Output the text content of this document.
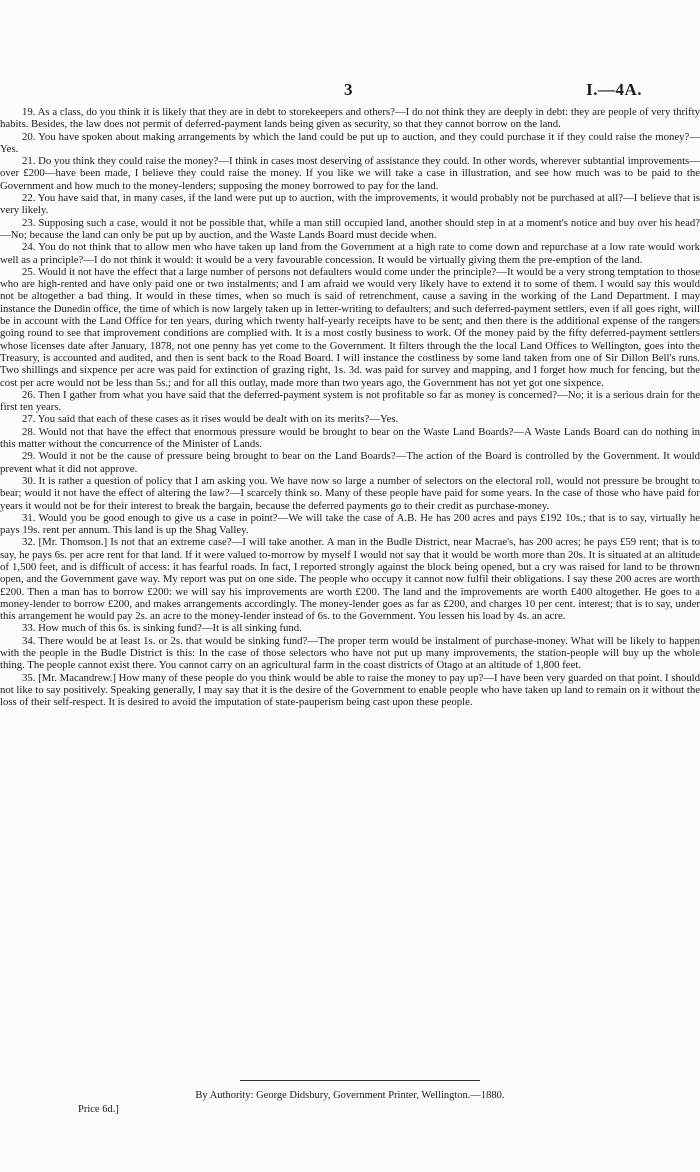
3	I.—4A.

19. As a class, do you think it is likely that they are in debt to storekeepers and others?—I do not think they are deeply in debt: they are people of very thrifty habits. Besides, the law does not permit of deferred-payment lands being given as security, so that they cannot borrow on the land.

20. You have spoken about making arrangements by which the land could be put up to auction, and they could purchase it if they could raise the money?—Yes.

21. Do you think they could raise the money?—I think in cases most deserving of assistance they could. In other words, wherever subtantial improvements—over £200—have been made, I believe they could raise the money. If you like we will take a case in illustration, and see how much was to be paid to the Government and how much to the money-lenders; supposing the money borrowed to pay for the land.

22. You have said that, in many cases, if the land were put up to auction, with the improvements, it would probably not be purchased at all?—I believe that is very likely.

23. Supposing such a case, would it not be possible that, while a man still occupied land, another should step in at a moment's notice and buy over his head?—No; because the land can only be put up by auction, and the Waste Lands Board must decide when.

24. You do not think that to allow men who have taken up land from the Government at a high rate to come down and repurchase at a low rate would work well as a principle?—I do not think it would: it would be a very favourable concession. It would be virtually giving them the pre-emption of the land.

25. Would it not have the effect that a large number of persons not defaulters would come under the principle?—It would be a very strong temptation to those who are high-rented and have only paid one or two instalments; and I am afraid we would very likely have to extend it to some of them. I would say this would not be altogether a bad thing. It would in these times, when so much is said of retrenchment, cause a saving in the working of the Land Department. I may instance the Dunedin office, the time of which is now largely taken up in letter-writing to defaulters; and such deferred-payment settlers, even if all goes right, will be in account with the Land Office for ten years, during which twenty half-yearly receipts have to be sent; and then there is the additional expense of the rangers going round to see that improvement conditions are complied with. It is a most costly business to work. Of the money paid by the fifty deferred-payment settlers whose licenses date after January, 1878, not one penny has yet come to the Government. It filters through the the local Land Offices to Wellington, goes into the Treasury, is accounted and audited, and then is sent back to the Road Board. I will instance the costliness by some land taken from one of Sir Dillon Bell's runs. Two shillings and sixpence per acre was paid for extinction of grazing right, 1s. 3d. was paid for survey and mapping, and I forget how much for fencing, but the cost per acre would not be less than 5s.; and for all this outlay, made more than two years ago, the Government has not yet got one sixpence.

26. Then I gather from what you have said that the deferred-payment system is not profitable so far as money is concerned?—No; it is a serious drain for the first ten years.

27. You said that each of these cases as it rises would be dealt with on its merits?—Yes.

28. Would not that have the effect that enormous pressure would be brought to bear on the Waste Land Boards?—A Waste Lands Board can do nothing in this matter without the concurrence of the Minister of Lands.

29. Would it not be the cause of pressure being brought to bear on the Land Boards?—The action of the Board is controlled by the Government. It would prevent what it did not approve.

30. It is rather a question of policy that I am asking you. We have now so large a number of selectors on the electoral roll, would not pressure be brought to bear; would it not have the effect of altering the law?—I scarcely think so. Many of these people have paid for some years. In the case of those who have paid for years it would not be for their interest to break the bargain, because the deferred payments go to their credit as purchase-money.

31. Would you be good enough to give us a case in point?—We will take the case of A.B. He has 200 acres and pays £192 10s.; that is to say, virtually he pays 19s. rent per annum. This land is up the Shag Valley.

32. [Mr. Thomson.] Is not that an extreme case?—I will take another. A man in the Budle District, near Macrae's, has 200 acres; he pays £59 rent; that is to say, he pays 6s. per acre rent for that land. If it were valued to-morrow by myself I would not say that it would be worth more than 20s. It is situated at an altitude of 1,500 feet, and is difficult of access: it has fearful roads. In fact, I reported strongly against the block being opened, but a cry was raised for land to be thrown open, and the Government gave way. My report was put on one side. The people who occupy it cannot now fulfil their obligations. I say these 200 acres are worth £200. Then a man has to borrow £200: we will say his improvements are worth £200. The land and the improvements are worth £400 altogether. He goes to a money-lender to borrow £200, and makes arrangements accordingly. The money-lender goes as far as £200, and charges 10 per cent. interest; that is to say, under this arrangement he would pay 2s. an acre to the money-lender instead of 6s. to the Government. You lessen his load by 4s. an acre.

33. How much of this 6s. is sinking fund?—It is all sinking fund.

34. There would be at least 1s. or 2s. that would be sinking fund?—The proper term would be instalment of purchase-money. What will be likely to happen with the people in the Budle District is this: In the case of those selectors who have not put up many improvements, the station-people will buy up the whole thing. The people cannot exist there. You cannot carry on an agricultural farm in the coast districts of Otago at an altitude of 1,800 feet.

35. [Mr. Macandrew.] How many of these people do you think would be able to raise the money to pay up?—I have been very guarded on that point. I should not like to say positively. Speaking generally, I may say that it is the desire of the Government to enable people who have taken up land to remain on it without the loss of their self-respect. It is desired to avoid the imputation of state-pauperism being cast upon these people.

By Authority: George Didsbury, Government Printer, Wellington.—1880.
Price 6d.]
